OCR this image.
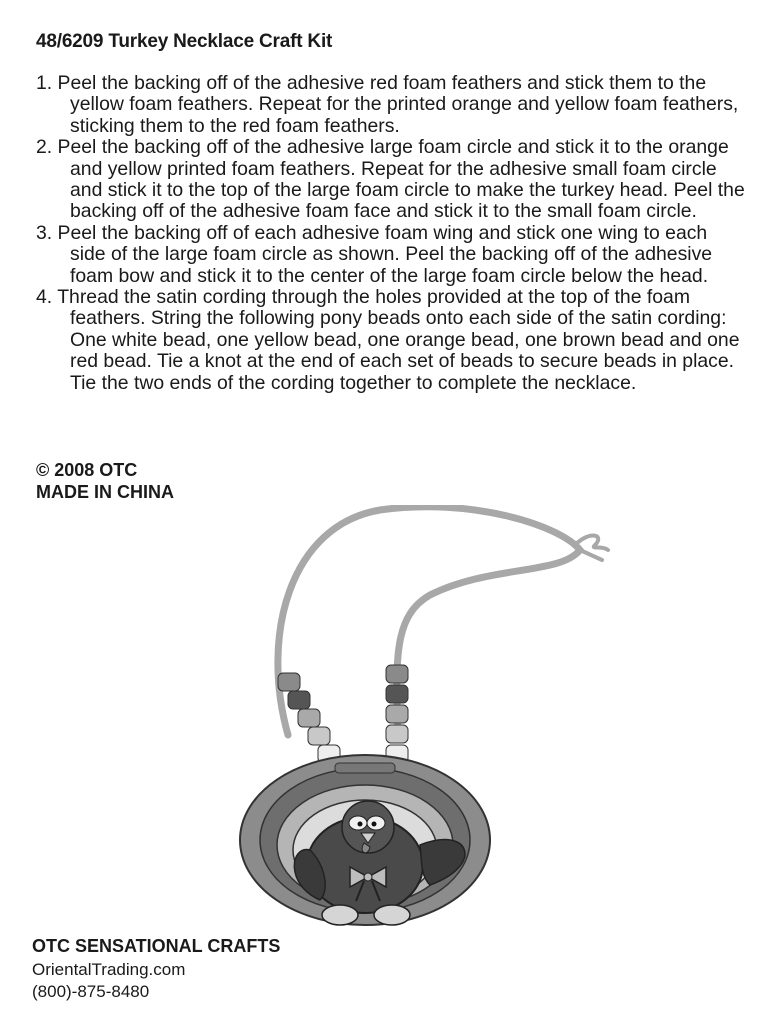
48/6209 Turkey Necklace Craft Kit
1. Peel the backing off of the adhesive red foam feathers and stick them to the yellow foam feathers. Repeat for the printed orange and yellow foam feathers, sticking them to the red foam feathers.
2. Peel the backing off of the adhesive large foam circle and stick it to the orange and yellow printed foam feathers. Repeat for the adhesive small foam circle and stick it to the top of the large foam circle to make the turkey head. Peel the backing off of the adhesive foam face and stick it to the small foam circle.
3. Peel the backing off of each adhesive foam wing and stick one wing to each side of the large foam circle as shown. Peel the backing off of the adhesive foam bow and stick it to the center of the large foam circle below the head.
4. Thread the satin cording through the holes provided at the top of the foam feathers. String the following pony beads onto each side of the satin cording: One white bead, one yellow bead, one orange bead, one brown bead and one red bead. Tie a knot at the end of each set of beads to secure beads in place. Tie the two ends of the cording together to complete the necklace.
© 2008 OTC
MADE IN CHINA
OTC SENSATIONAL CRAFTS
OrientalTrading.com
(800)-875-8480
